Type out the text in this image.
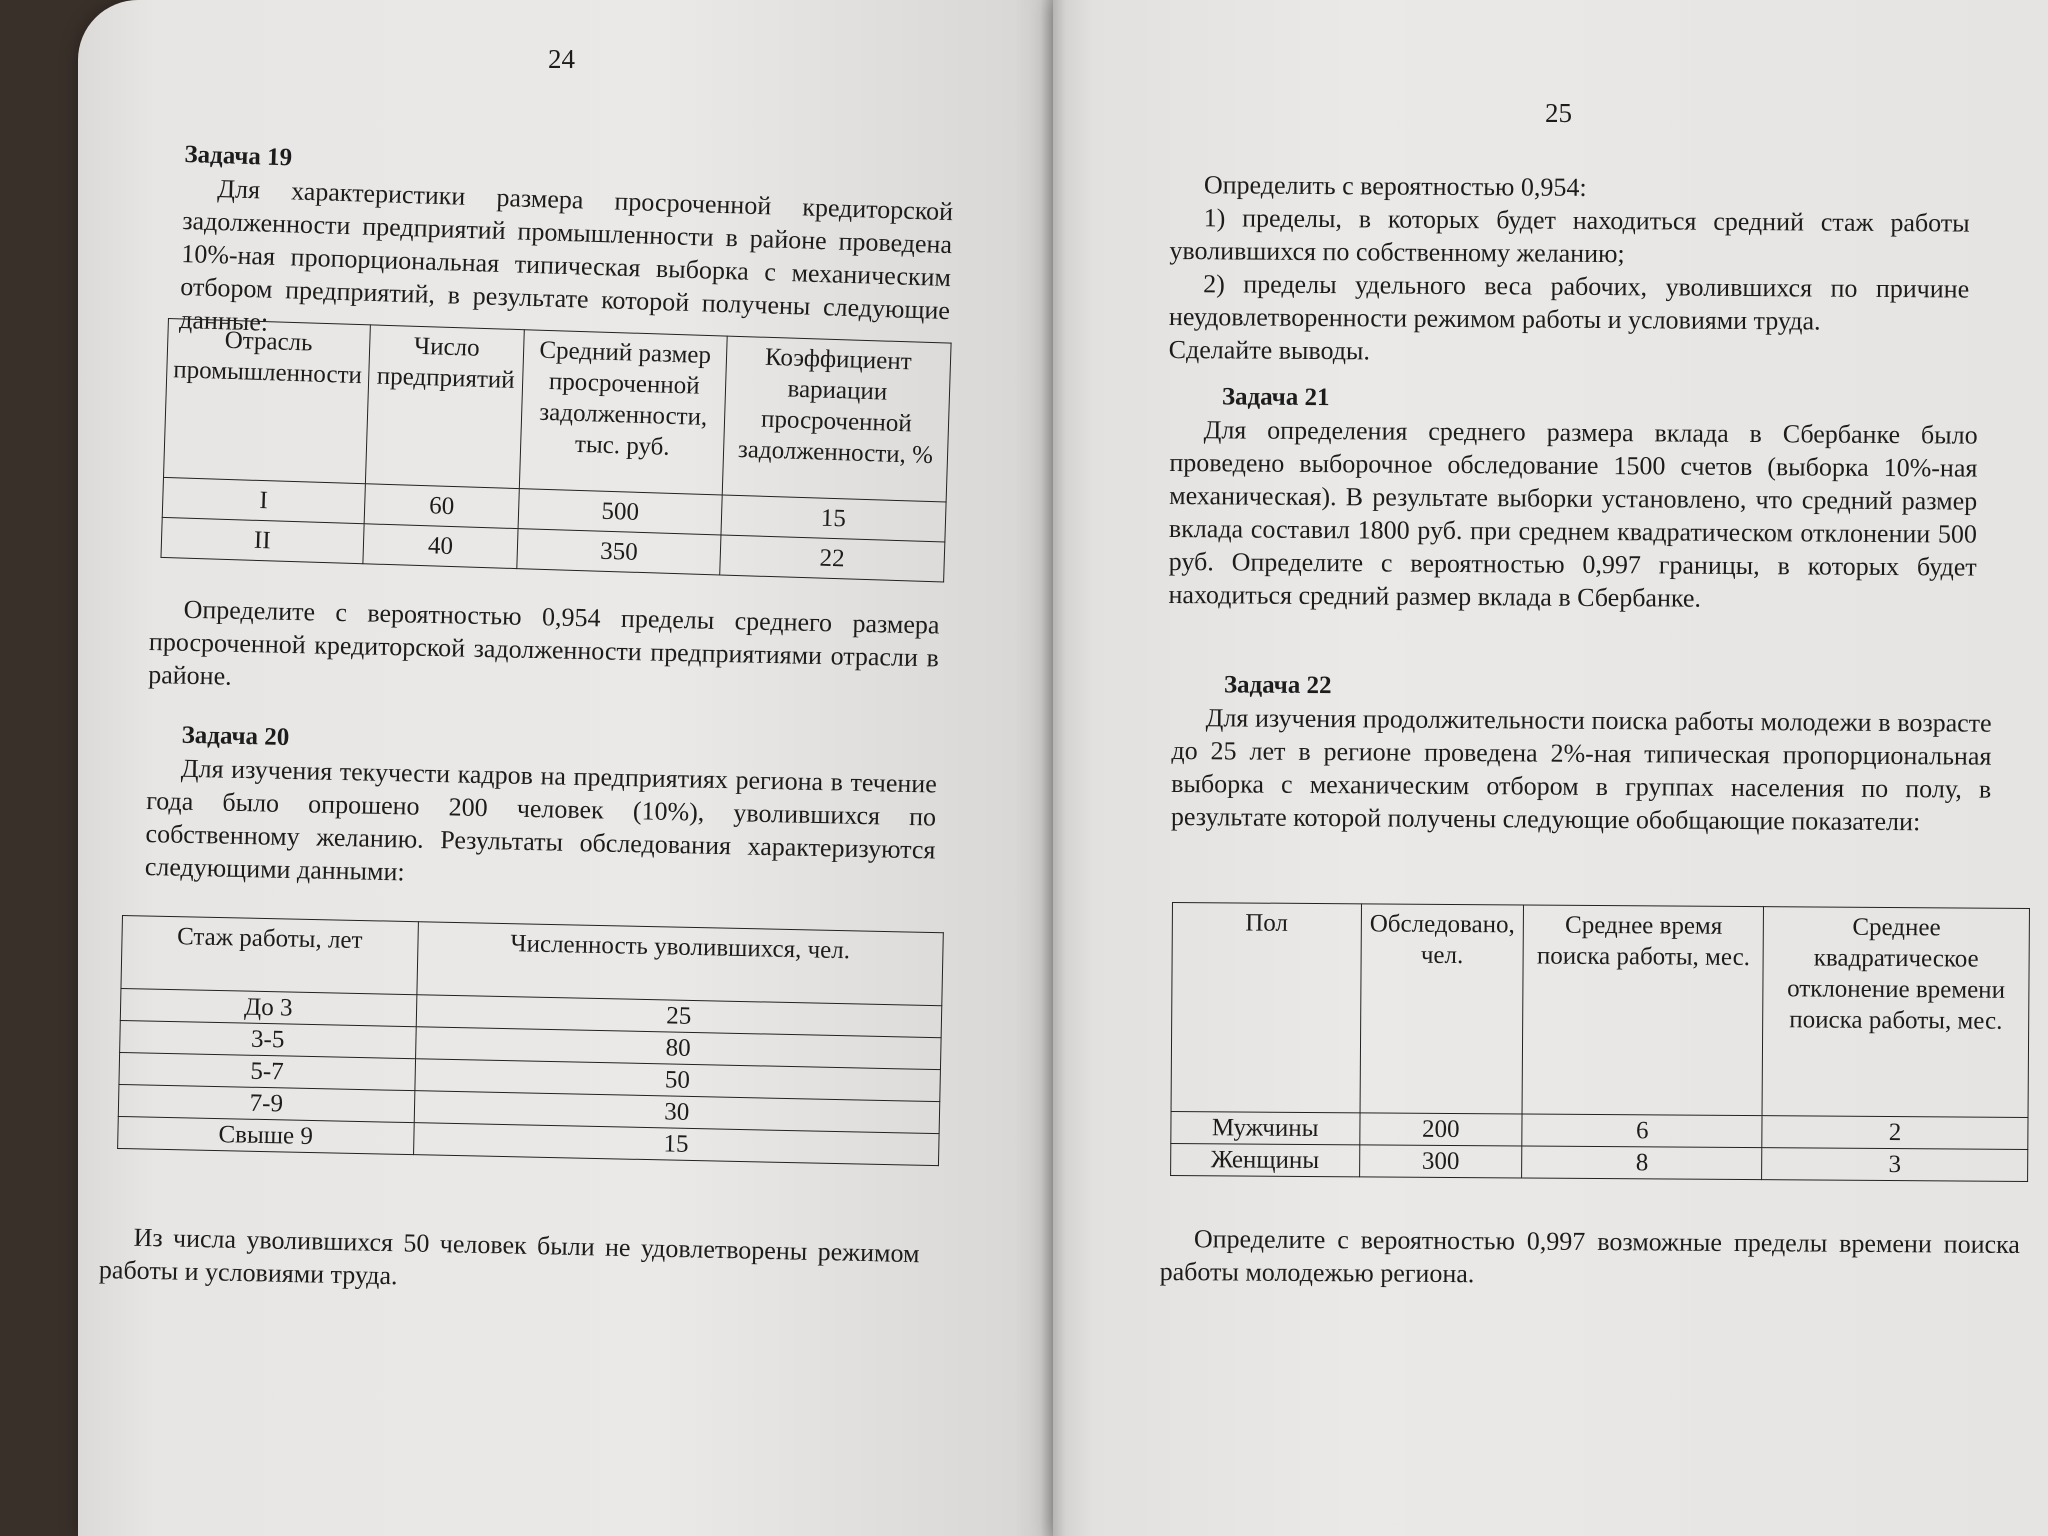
24
Задача 19

Для характеристики размера просроченной кредиторской задолженности предприятий промышленности в районе проведена 10%-ная пропорциональная типическая выборка с механическим отбором предприятий, в результате которой получены следующие данные:

Отрасль промышленности	Число предприятий	Средний размер просроченной задолженности, тыс. руб.	Коэффициент вариации просроченной задолженности, %
I	60	500	15
II	40	350	22

Определите с вероятностью 0,954 пределы среднего размера просроченной кредиторской задолженности предприятиями отрасли в районе.

Задача 20

Для изучения текучести кадров на предприятиях региона в течение года было опрошено 200 человек (10%), уволившихся по собственному желанию. Результаты обследования характеризуются следующими данными:

Стаж работы, лет	Численность уволившихся, чел.
До 3	25
3-5	80
5-7	50
7-9	30
Свыше 9	15

Из числа уволившихся 50 человек были не удовлетворены режимом работы и условиями труда.

25

Определить с вероятностью 0,954:

1) пределы, в которых будет находиться средний стаж работы уволившихся по собственному желанию;

2) пределы удельного веса рабочих, уволившихся по причине неудовлетворенности режимом работы и условиями труда.

Сделайте выводы.

Задача 21

Для определения среднего размера вклада в Сбербанке было проведено выборочное обследование 1500 счетов (выборка 10%-ная механическая). В результате выборки установлено, что средний размер вклада составил 1800 руб. при среднем квадратическом отклонении 500 руб. Определите с вероятностью 0,997 границы, в которых будет находиться средний размер вклада в Сбербанке.

Задача 22

Для изучения продолжительности поиска работы молодежи в возрасте до 25 лет в регионе проведена 2%-ная типическая пропорциональная выборка с механическим отбором в группах населения по полу, в результате которой получены следующие обобщающие показатели:

Пол	Обследовано, чел.	Среднее время поиска работы, мес.	Среднее квадратическое отклонение времени поиска работы, мес.
Мужчины	200	6	2
Женщины	300	8	3

Определите с вероятностью 0,997 возможные пределы времени поиска работы молодежью региона.
